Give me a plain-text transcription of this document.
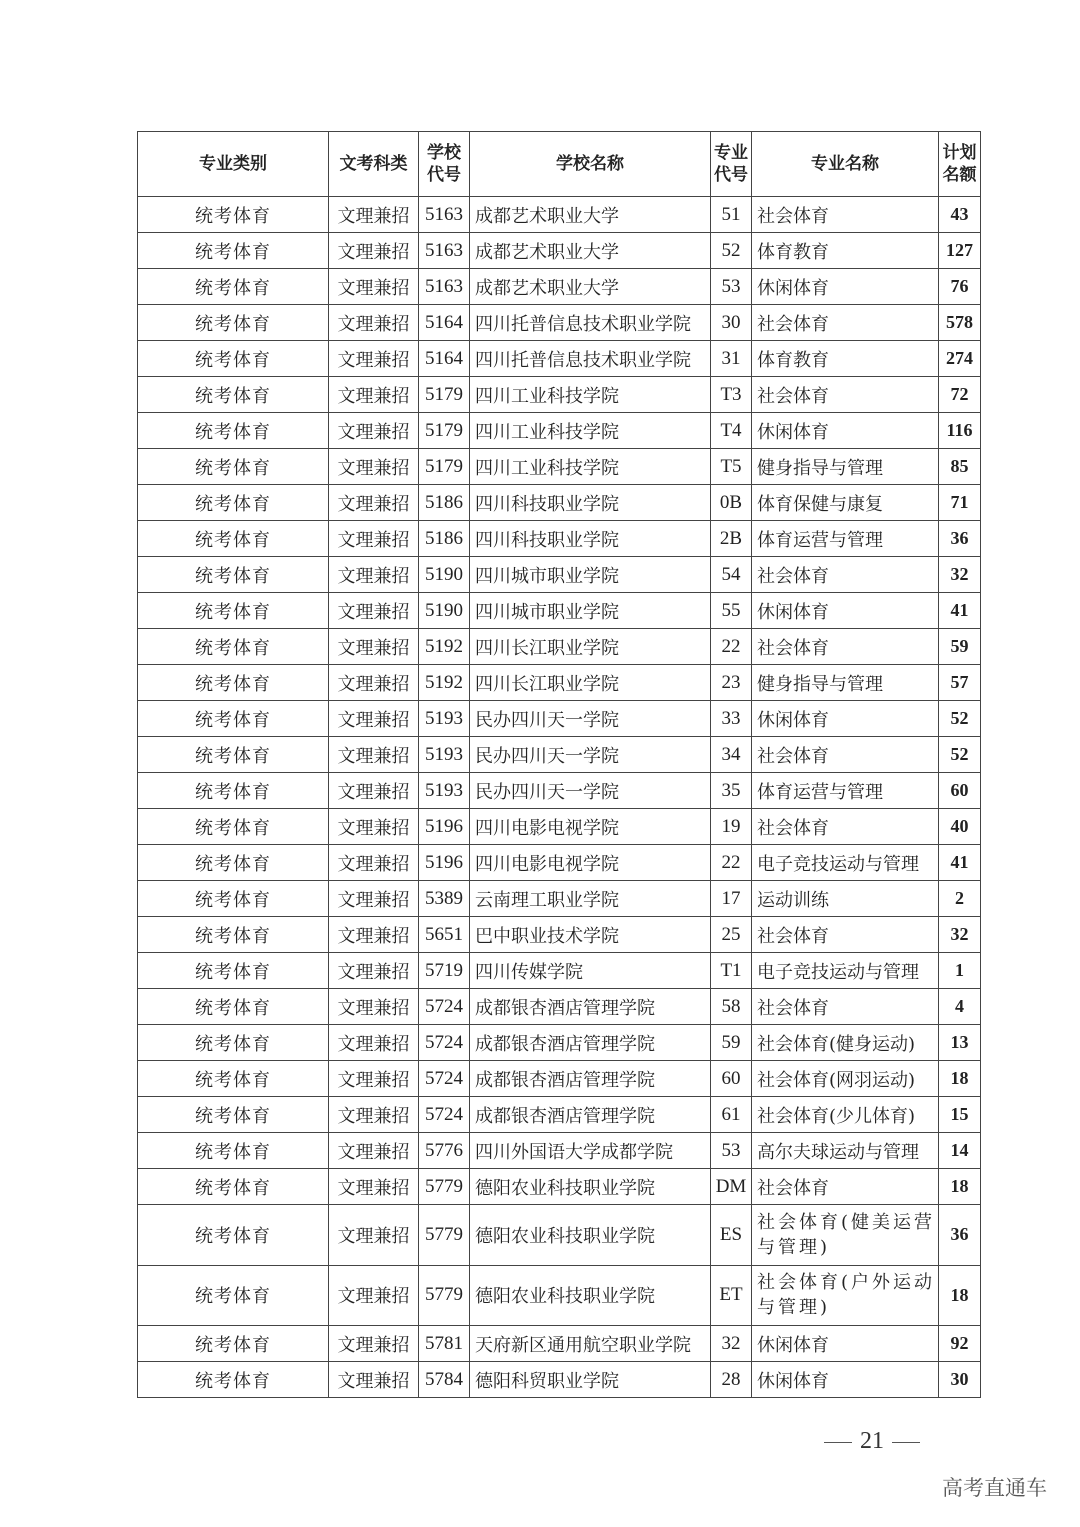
专业类别	文考科类	学校代号	学校名称	专业代号	专业名称	计划名额
统考体育	文理兼招	5163	成都艺术职业大学	51	社会体育	43
统考体育	文理兼招	5163	成都艺术职业大学	52	体育教育	127
统考体育	文理兼招	5163	成都艺术职业大学	53	休闲体育	76
统考体育	文理兼招	5164	四川托普信息技术职业学院	30	社会体育	578
统考体育	文理兼招	5164	四川托普信息技术职业学院	31	体育教育	274
统考体育	文理兼招	5179	四川工业科技学院	T3	社会体育	72
统考体育	文理兼招	5179	四川工业科技学院	T4	休闲体育	116
统考体育	文理兼招	5179	四川工业科技学院	T5	健身指导与管理	85
统考体育	文理兼招	5186	四川科技职业学院	0B	体育保健与康复	71
统考体育	文理兼招	5186	四川科技职业学院	2B	体育运营与管理	36
统考体育	文理兼招	5190	四川城市职业学院	54	社会体育	32
统考体育	文理兼招	5190	四川城市职业学院	55	休闲体育	41
统考体育	文理兼招	5192	四川长江职业学院	22	社会体育	59
统考体育	文理兼招	5192	四川长江职业学院	23	健身指导与管理	57
统考体育	文理兼招	5193	民办四川天一学院	33	休闲体育	52
统考体育	文理兼招	5193	民办四川天一学院	34	社会体育	52
统考体育	文理兼招	5193	民办四川天一学院	35	体育运营与管理	60
统考体育	文理兼招	5196	四川电影电视学院	19	社会体育	40
统考体育	文理兼招	5196	四川电影电视学院	22	电子竞技运动与管理	41
统考体育	文理兼招	5389	云南理工职业学院	17	运动训练	2
统考体育	文理兼招	5651	巴中职业技术学院	25	社会体育	32
统考体育	文理兼招	5719	四川传媒学院	T1	电子竞技运动与管理	1
统考体育	文理兼招	5724	成都银杏酒店管理学院	58	社会体育	4
统考体育	文理兼招	5724	成都银杏酒店管理学院	59	社会体育(健身运动)	13
统考体育	文理兼招	5724	成都银杏酒店管理学院	60	社会体育(网羽运动)	18
统考体育	文理兼招	5724	成都银杏酒店管理学院	61	社会体育(少儿体育)	15
统考体育	文理兼招	5776	四川外国语大学成都学院	53	高尔夫球运动与管理	14
统考体育	文理兼招	5779	德阳农业科技职业学院	DM	社会体育	18
统考体育	文理兼招	5779	德阳农业科技职业学院	ES	社会体育(健美运营与管理)	36
统考体育	文理兼招	5779	德阳农业科技职业学院	ET	社会体育(户外运动与管理)	18
统考体育	文理兼招	5781	天府新区通用航空职业学院	32	休闲体育	92
统考体育	文理兼招	5784	德阳科贸职业学院	28	休闲体育	30
21
高考直通车
